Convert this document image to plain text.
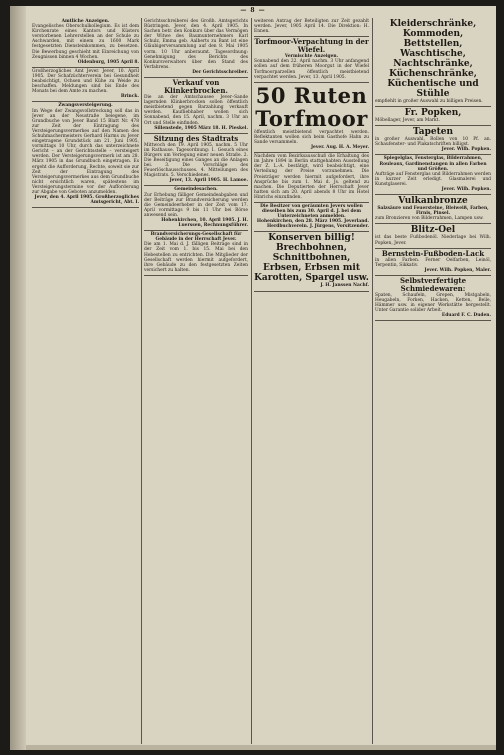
— 8 —

Amtliche Anzeigen.

Evangelisches Oberschulkollegium. Es ist dem Kirchenrate eines Kantors und Küsters verstorbenen Lehrerstellen an der Schule zu Aschwarden, mit einem zu 1600 Mark festgesetzten Diensteinkommen, zu besetzen. Die Bewerbung geschieht mit Einreichung von Zeugnissen binnen 4 Wochen.

Oldenburg, 1905 April 8.

Großherzogliches Amt Jever. Jever, 10. April 1905. Der Schafzüchterverein bei Gesundheit beabsichtigt, Ochsen und Kühe zu Weide zu beschaffen. Meldungen sind bis Ende des Monats bei dem Amte zu machen.

Brinck.

Zwangsversteigerung.

Im Wege der Zwangsvollstreckung soll das in Jever an der Neustraße belegene, im Grundbuche von Jever Band 15 Blatt Nr. 478 zur Zeit der Eintragung des Versteigerungsvermerkes auf den Namen des Schuhmachermeisters Gerhard Harms zu Jever eingetragene Grundstück am 21. Juni 1905, vormittags 10 Uhr, durch das unterzeichnete Gericht – an der Gerichtsstelle – versteigert werden. Der Versteigerungsvermerk ist am 28. März 1905 in das Grundbuch eingetragen. Es ergeht die Aufforderung, Rechte, soweit sie zur Zeit der Eintragung des Versteigerungsvermerkes aus dem Grundbuche nicht ersichtlich waren, spätestens im Versteigerungstermine vor der Aufforderung zur Abgabe von Geboten anzumelden.

Jever, den 4. April 1905. Großherzogliches Amtsgericht, Abt. I.

Gerichtsschreiberei des Großh. Amtsgerichts Rüstringen. Jever, den 4. April 1905. In Sachen betr. den Konkurs über das Vermögen der Witwe des Baumunternehmers Karl Schulz, Emma geb. Aalberts zu Bant ist eine Gläubigerversammlung auf den 8. Mai 1905 vorm. 10 Uhr anberaumt. Tagesordnung: Genehmigung des Berichts des Konkursverwalters über den Stand des Verfahrens.

Der Gerichtsschreiber.

Verkauf von Klinkerbrocken.

Die an der Amtschausee Jever–Sande lagernden Klinkerbrocken sollen öffentlich meistbietend gegen Barzahlung verkauft werden. Kaufliebhaber wollen sich Sonnabend, den 15. April, nachm. 3 Uhr an Ort und Stelle einfinden.

Sillenstede, 1905 März 18. H. Pieskel.

Sitzung des Stadtrats

Mittwoch den 19. April 1905, nachm. 5 Uhr im Rathause. Tagesordnung: 1. Gesuch eines Bürgers um Verlegung einer neuen Straße. 2. Die Beseitigung eines Ganges an die Anlagen bei. 3. Die Vorschläge des Feuerlöschausschusses. 4. Mitteilungen des Magistrats. 5. Verschiedenes.

Jever, 13. April 1905. H. Lamoe.

Gemeindesachen.

Zur Erhebung fälliger Gemeindeabgaben und der Beiträge zur Brandversicherung werden die Gemeindeerheber in der Zeit vom 17. April vormittags 9 bis 11 Uhr bei Börse anwesend sein.

Hohenkirchen, 10. April 1905. J. H. Luerssen, Rechnungsführer.

Brandversicherungs-Gesellschaft für Gebäude in der Herrschaft Jever.

Die am 1. Mai d. J. fälligen Beiträge sind in der Zeit vom 1. bis 15. Mai bei den Hebestellen zu entrichten. Die Mitglieder der Gesellschaft werden hiermit aufgefordert, ihre Gebäude zu den festgesetzten Zeiten versichert zu halten.

weiteren Antrag der Beteiligten zur Zeit gezahlt werden. Jever, 1905 April 14. Die Direktion: H. Ennen.

Torfmoor-Verpachtung in der Wiefel.

Vermischte Anzeigen.

Sonnabend den 22. April nachm. 3 Uhr anfangend sollen auf dem früheren Moorgut in der Wiefel Torfmoorparzellen öffentlich meistbietend verpachtet werden. Jever, 13. April 1905.

50 Ruten Torfmoor

öffentlich meistbietend verpachtet werden. Reflektanten wollen sich beim Gasthofe Hahn zu Sande versammeln.

Jever. Aug. H. A. Meyer.

Nachdem vom Bezirksausschuß die Erhaltung des im Jahre 1894 in Berlin stattgehabten Ausstellung der Z. L.-A. bestätigt, wird beabsichtigt, eine Verteilung der Preise vorzunehmen. Die Preisträger werden hiermit aufgefordert, ihre Ansprüche bis zum 1. Mai d. Js. geltend zu machen. Die Deputierten der Herrschaft Jever hatten sich am 20. April abends 8 Uhr im Hotel Hinrichs einzufinden.

Die Besitzer von geräumten Jevers wollen dieselben bis zum 30. April d. J. bei dem Unterzeichneten anmelden.

Hohenkirchen, den 28. März 1905. Jeverland. Herdbuchverein. J. Jürgens, Vorsitzender.

Konserven billig! Brechbohnen, Schnittbohnen, Erbsen, Erbsen mit Karotten, Spargel usw.

J. H. Janssen Nachf.

Kleiderschränke, Kommoden, Bettstellen, Waschtische, Nachtschränke, Küchenschränke, Küchentische und Stühle

empfiehlt in großer Auswahl zu billigen Preisen.

Fr. Popken,

Möbellager, Jever, am Markt.

Tapeten

in großer Auswahl, Rollen von 10 Pf. an. Schaufenster- und Plakatschriften billigst.

Jever. Wilh. Popken.

Spiegelglas, Fensterglas, Bilderrahmen, Rouleaux, Gardinenstangen in allen Farben und Größen.

Aufträge auf Fensterglas und Bilderrahmen werden in kurzer Zeit erledigt. Glasmalerei und Kunstglaserei.

Jever. Wilh. Popken.

Vulkanbronze

Salzsäure und Feuersteine, Bleiweiß, Farben, Firnis, Pinsel.

zum Bronzieren von Bilderrahmen, Lampen usw.

Blitz-Oel

ist das beste Fußbodenöl. Niederlage bei Wilh. Popken, Jever.

Bernstein-Fußboden-Lack

in allen Farben. Ferner Oelfarben, Leinöl, Terpentin, Sikkativ.

Jever. Wilh. Popken, Maler.

Selbstverfertigte Schmiedewaren:

Spaten, Schaufeln, Grepen, Mistgabeln, Heugabeln, Forken, Hacken, Ketten, Beile, Hämmer usw. in eigener Werkstätte hergestellt. Unter Garantie solider Arbeit.

Eduard F. C. Duden.
